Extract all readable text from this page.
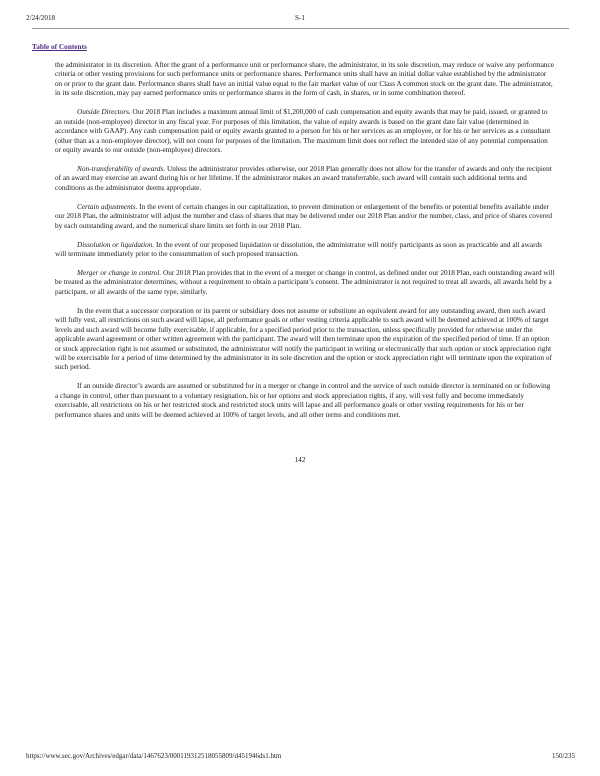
2/24/2018	S-1
Table of Contents

the administrator in its discretion. After the grant of a performance unit or performance share, the administrator, in its sole discretion, may reduce or waive any performance criteria or other vesting provisions for such performance units or performance shares. Performance units shall have an initial dollar value established by the administrator on or prior to the grant date. Performance shares shall have an initial value equal to the fair market value of our Class A common stock on the grant date. The administrator, in its sole discretion, may pay earned performance units or performance shares in the form of cash, in shares, or in some combination thereof.

Outside Directors. Our 2018 Plan includes a maximum annual limit of $1,200,000 of cash compensation and equity awards that may be paid, issued, or granted to an outside (non-employee) director in any fiscal year. For purposes of this limitation, the value of equity awards is based on the grant date fair value (determined in accordance with GAAP). Any cash compensation paid or equity awards granted to a person for his or her services as an employee, or for his or her services as a consultant (other than as a non-employee director), will not count for purposes of the limitation. The maximum limit does not reflect the intended size of any potential compensation or equity awards to our outside (non-employee) directors.

Non-transferability of awards. Unless the administrator provides otherwise, our 2018 Plan generally does not allow for the transfer of awards and only the recipient of an award may exercise an award during his or her lifetime. If the administrator makes an award transferrable, such award will contain such additional terms and conditions as the administrator deems appropriate.

Certain adjustments. In the event of certain changes in our capitalization, to prevent diminution or enlargement of the benefits or potential benefits available under our 2018 Plan, the administrator will adjust the number and class of shares that may be delivered under our 2018 Plan and/or the number, class, and price of shares covered by each outstanding award, and the numerical share limits set forth in our 2018 Plan.

Dissolution or liquidation. In the event of our proposed liquidation or dissolution, the administrator will notify participants as soon as practicable and all awards will terminate immediately prior to the consummation of such proposed transaction.

Merger or change in control. Our 2018 Plan provides that in the event of a merger or change in control, as defined under our 2018 Plan, each outstanding award will be treated as the administrator determines, without a requirement to obtain a participant’s consent. The administrator is not required to treat all awards, all awards held by a participant, or all awards of the same type, similarly.

In the event that a successor corporation or its parent or subsidiary does not assume or substitute an equivalent award for any outstanding award, then such award will fully vest, all restrictions on such award will lapse, all performance goals or other vesting criteria applicable to such award will be deemed achieved at 100% of target levels and such award will become fully exercisable, if applicable, for a specified period prior to the transaction, unless specifically provided for otherwise under the applicable award agreement or other written agreement with the participant. The award will then terminate upon the expiration of the specified period of time. If an option or stock appreciation right is not assumed or substituted, the administrator will notify the participant in writing or electronically that such option or stock appreciation right will be exercisable for a period of time determined by the administrator in its sole discretion and the option or stock appreciation right will terminate upon the expiration of such period.

If an outside director’s awards are assumed or substituted for in a merger or change in control and the service of such outside director is terminated on or following a change in control, other than pursuant to a voluntary resignation, his or her options and stock appreciation rights, if any, will vest fully and become immediately exercisable, all restrictions on his or her restricted stock and restricted stock units will lapse and all performance goals or other vesting requirements for his or her performance shares and units will be deemed achieved at 100% of target levels, and all other terms and conditions met.

142
https://www.sec.gov/Archives/edgar/data/1467623/000119312518055809/d451946ds1.htm	150/235
